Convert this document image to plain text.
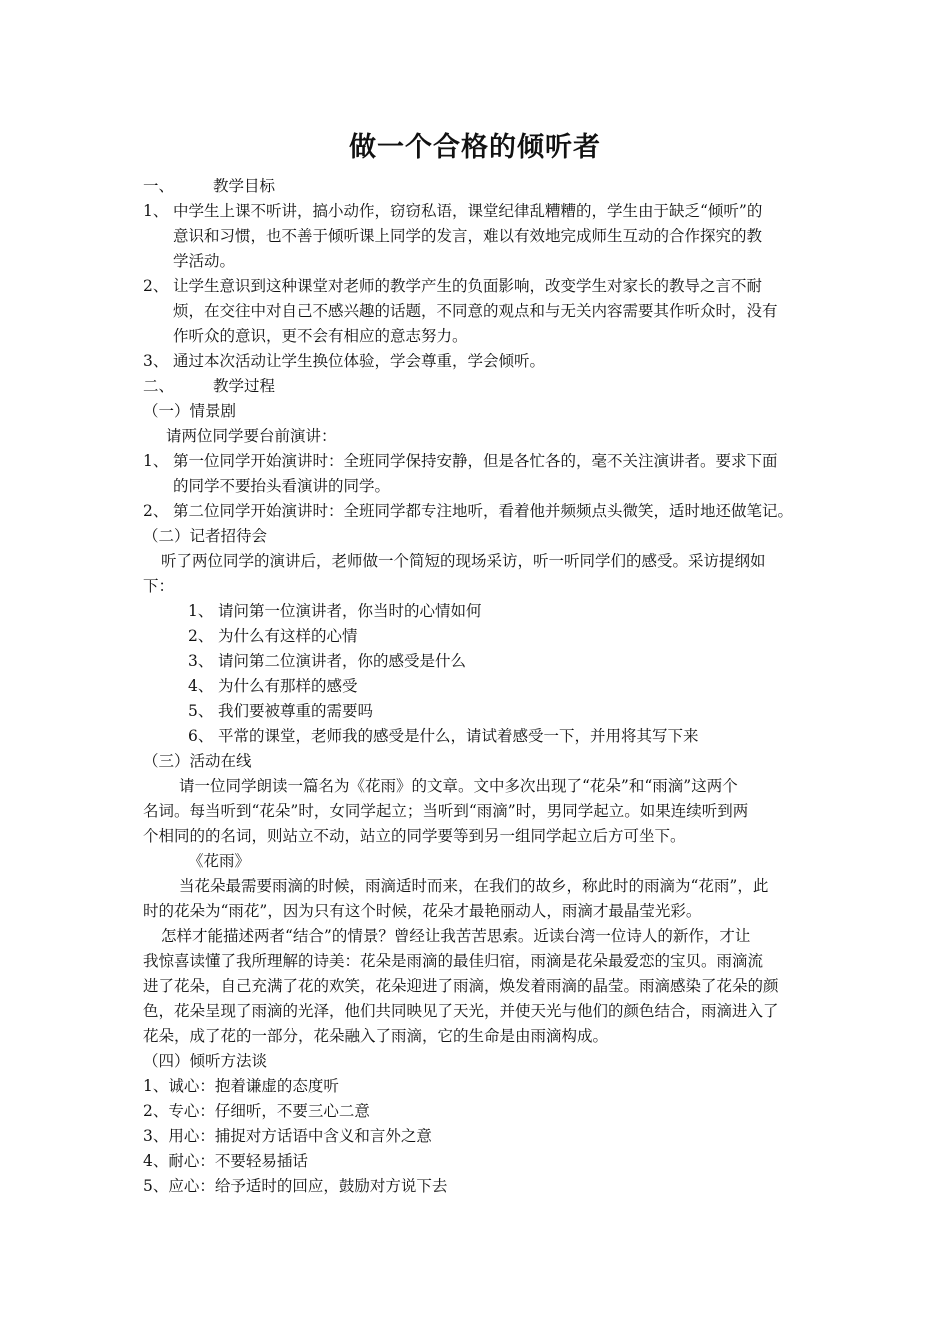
做一个合格的倾听者
一、	教学目标
1、 中学生上课不听讲，搞小动作，窃窃私语，课堂纪律乱糟糟的，学生由于缺乏“倾听”的
意识和习惯，也不善于倾听课上同学的发言，难以有效地完成师生互动的合作探究的教
学活动。
2、 让学生意识到这种课堂对老师的教学产生的负面影响，改变学生对家长的教导之言不耐
烦，在交往中对自己不感兴趣的话题，不同意的观点和与无关内容需要其作听众时，没有
作听众的意识，更不会有相应的意志努力。
3、 通过本次活动让学生换位体验，学会尊重，学会倾听。
二、	教学过程
（一）情景剧
请两位同学要台前演讲：
1、 第一位同学开始演讲时：全班同学保持安静，但是各忙各的，毫不关注演讲者。要求下面
的同学不要抬头看演讲的同学。
2、 第二位同学开始演讲时：全班同学都专注地听，看着他并频频点头微笑，适时地还做笔记。
（二）记者招待会
听了两位同学的演讲后，老师做一个简短的现场采访，听一听同学们的感受。采访提纲如
下：
1、 请问第一位演讲者，你当时的心情如何
2、 为什么有这样的心情
3、 请问第二位演讲者，你的感受是什么
4、 为什么有那样的感受
5、 我们要被尊重的需要吗
6、 平常的课堂，老师我的感受是什么，请试着感受一下，并用将其写下来
（三）活动在线
请一位同学朗读一篇名为《花雨》的文章。文中多次出现了“花朵”和“雨滴”这两个
名词。每当听到“花朵”时，女同学起立；当听到“雨滴”时，男同学起立。如果连续听到两
个相同的的名词，则站立不动，站立的同学要等到另一组同学起立后方可坐下。
《花雨》
当花朵最需要雨滴的时候，雨滴适时而来，在我们的故乡，称此时的雨滴为“花雨”，此
时的花朵为“雨花”，因为只有这个时候，花朵才最艳丽动人，雨滴才最晶莹光彩。
怎样才能描述两者“结合”的情景？曾经让我苦苦思索。近读台湾一位诗人的新作，才让
我惊喜读懂了我所理解的诗美：花朵是雨滴的最佳归宿，雨滴是花朵最爱恋的宝贝。雨滴流
进了花朵，自己充满了花的欢笑，花朵迎进了雨滴，焕发着雨滴的晶莹。雨滴感染了花朵的颜
色，花朵呈现了雨滴的光泽，他们共同映见了天光，并使天光与他们的颜色结合，雨滴进入了
花朵，成了花的一部分，花朵融入了雨滴，它的生命是由雨滴构成。
（四）倾听方法谈
1、诚心：抱着谦虚的态度听
2、专心：仔细听，不要三心二意
3、用心：捕捉对方话语中含义和言外之意
4、耐心：不要轻易插话
5、应心：给予适时的回应，鼓励对方说下去
